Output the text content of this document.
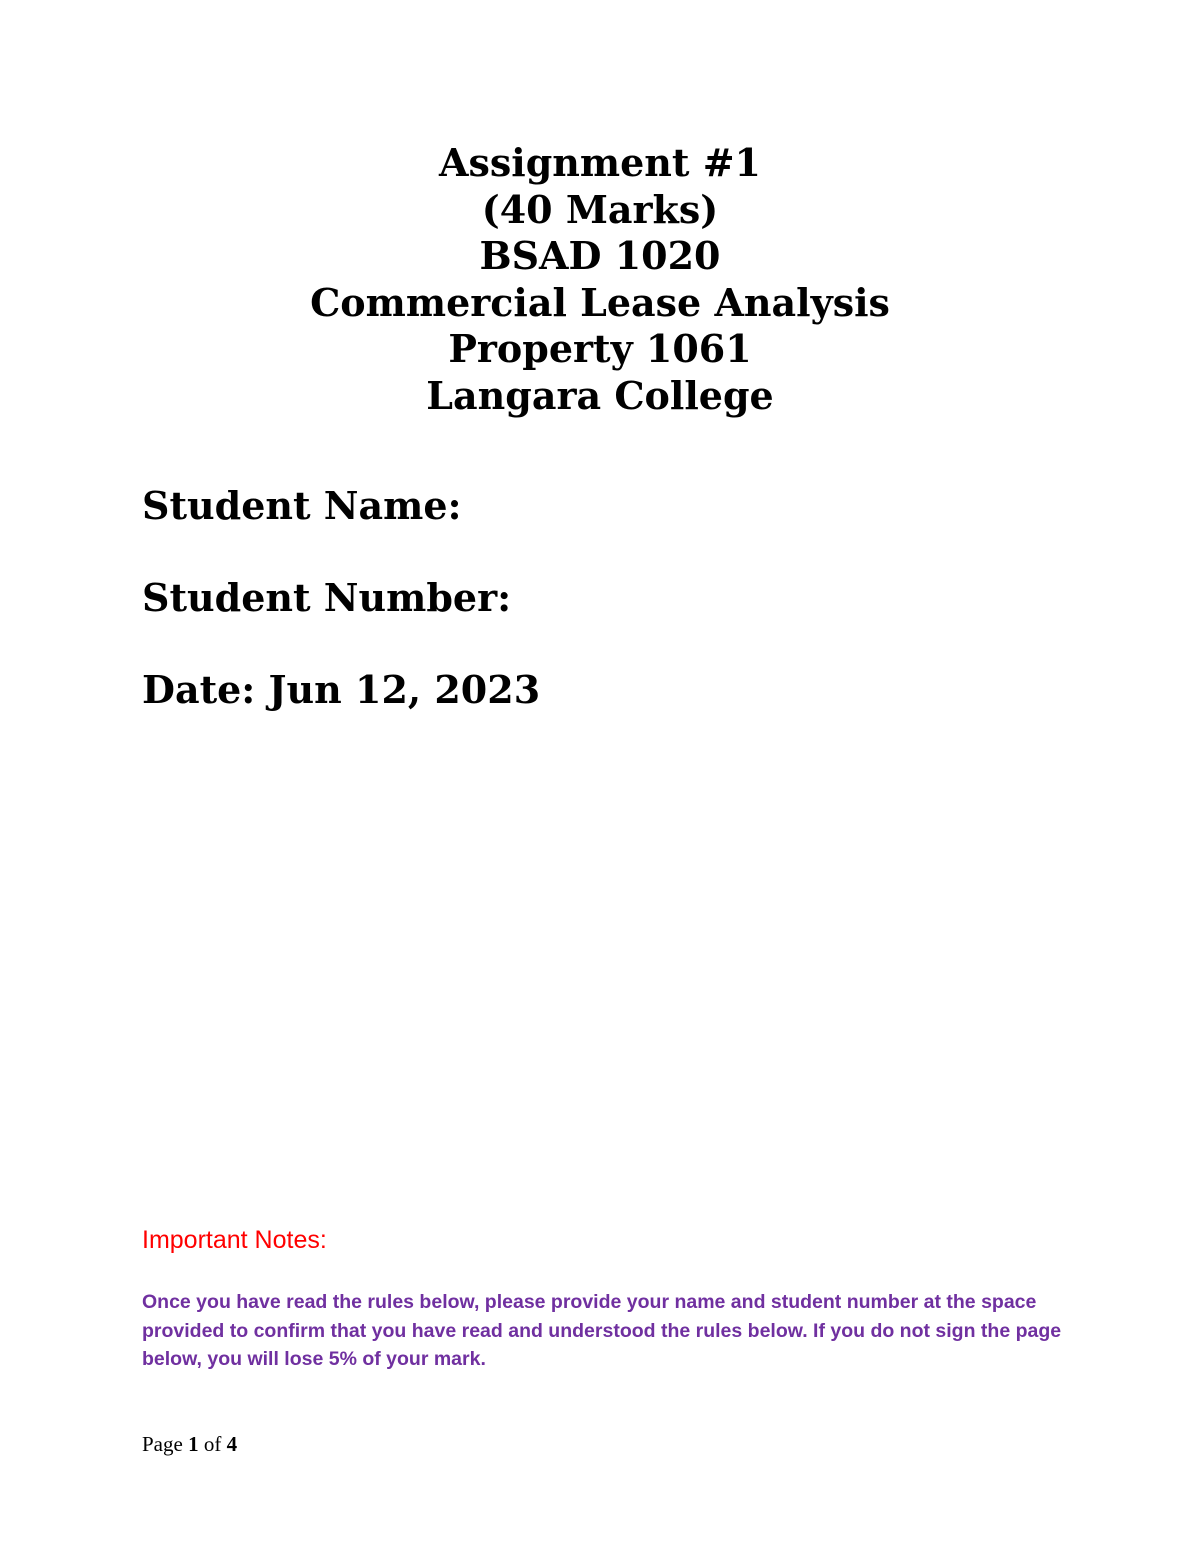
Assignment #1
(40 Marks)
BSAD 1020
Commercial Lease Analysis
Property 1061
Langara College
Student Name:
Student Number:
Date: Jun 12, 2023
Important Notes:
Once you have read the rules below, please provide your name and student number at the space provided to confirm that you have read and understood the rules below. If you do not sign the page below, you will lose 5% of your mark.
Page 1 of 4
